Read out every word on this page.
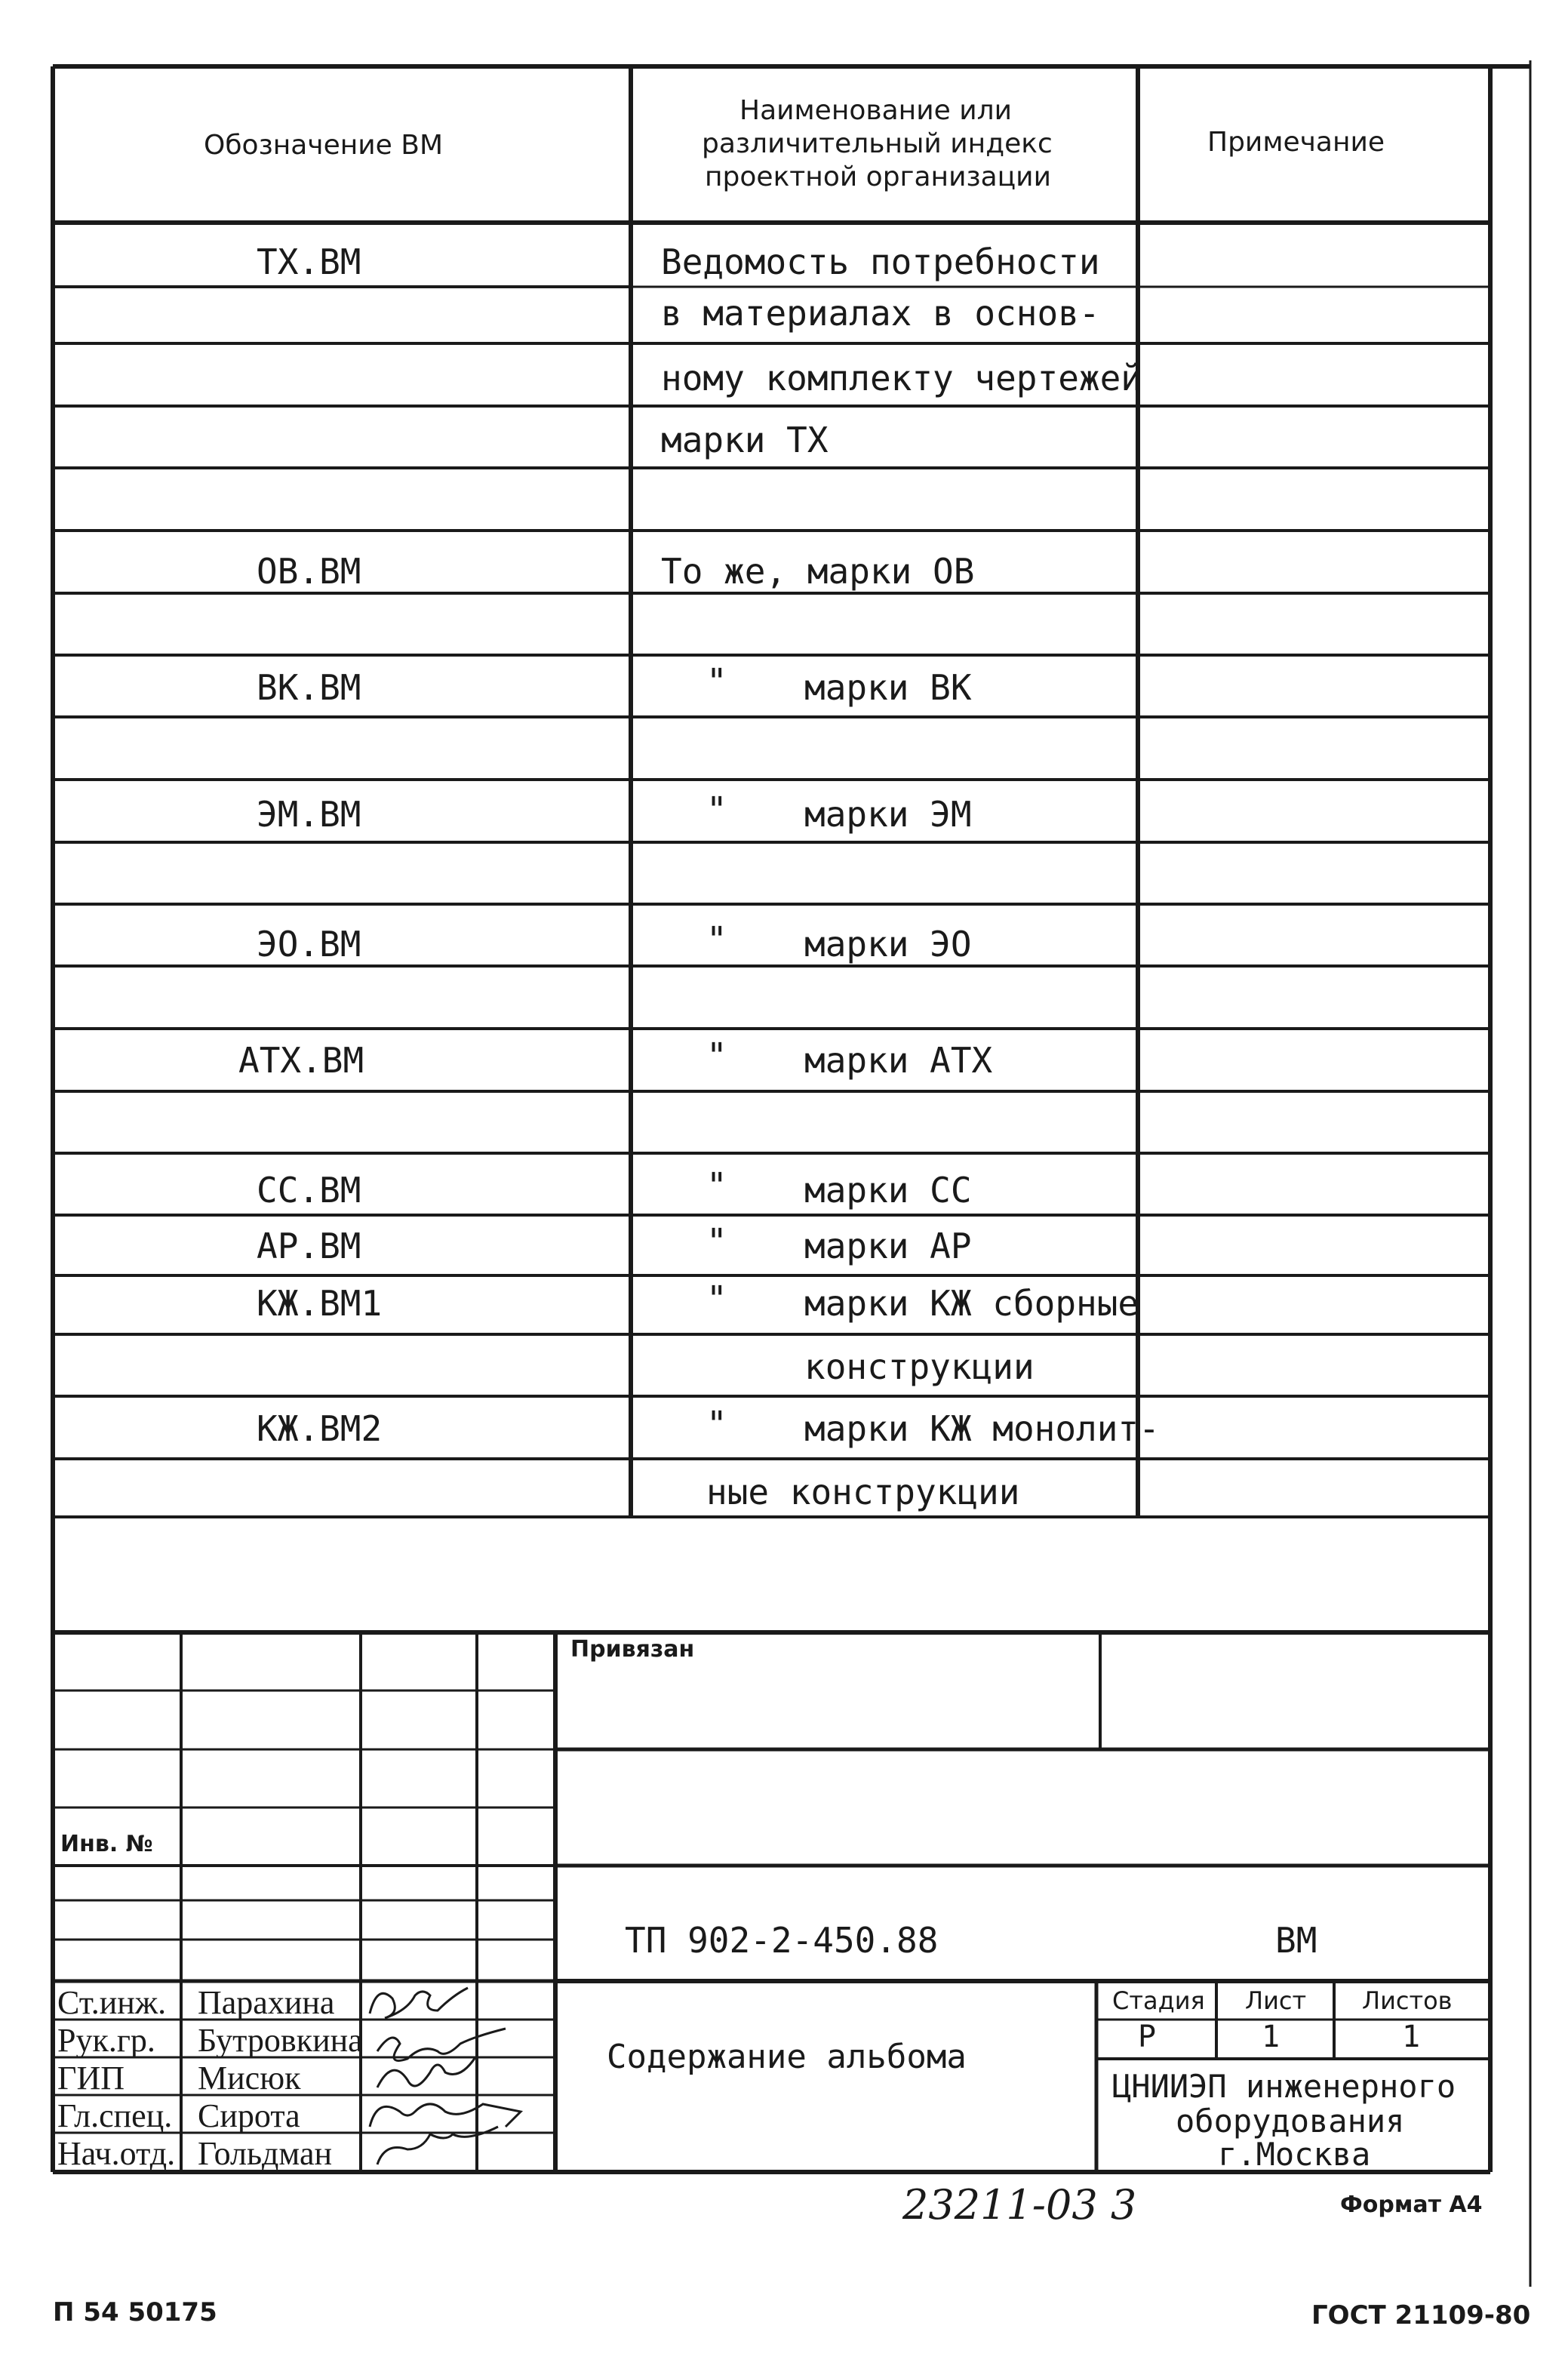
Обозначение ВМ
Наименование или
различительный индекс
проектной организации
Примечание
ТХ.ВМ	Ведомость потребности
в материалах в основ-
ному комплекту чертежей
марки ТХ
ОВ.ВМ	То же, марки ОВ
ВК.ВМ	" марки ВК
ЭМ.ВМ	" марки ЭМ
ЭО.ВМ	" марки ЭО
АТХ.ВМ	" марки АТХ
СС.ВМ	" марки СС
АР.ВМ	" марки АР
КЖ.ВМ1	" марки КЖ сборные
конструкции
КЖ.ВМ2	" марки КЖ монолит-
ные конструкции
Привязан
Инв. №
ТП 902-2-450.88	ВМ
Содержание альбома
Стадия Лист Листов
Р	1	1
ЦНИИЭП инженерного
оборудования
г.Москва
Ст.инж. Парахина
Рук.гр. Бутровкина
ГИП Мисюк
Гл.спец. Сирота
Нач.отд. Гольдман
23211-03 3	Формат А4
П 54 50175	ГОСТ 21109-80
